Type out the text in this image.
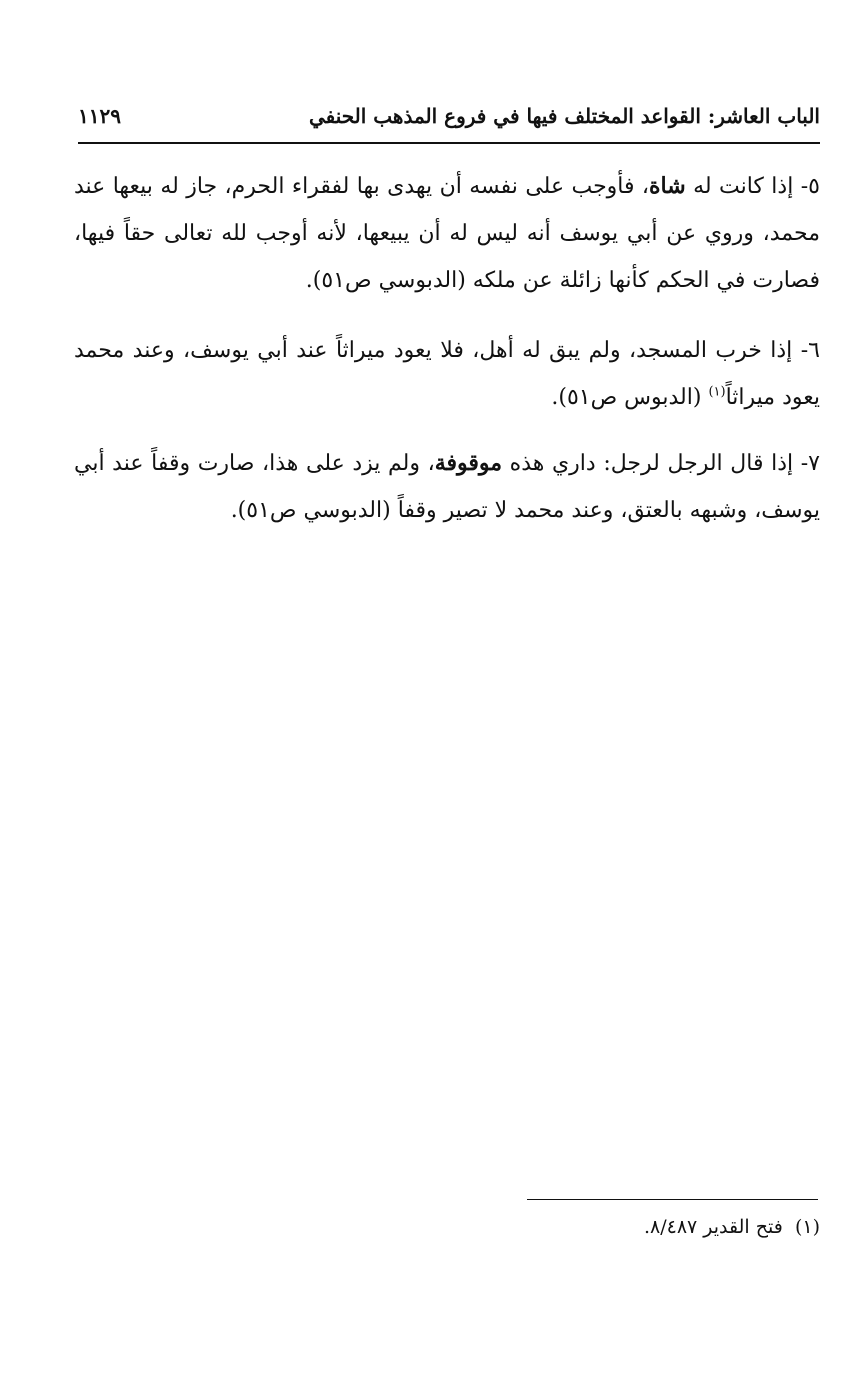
الباب العاشر: القواعد المختلف فيها في فروع المذهب الحنفي
١١٢٩

٥- إذا كانت له شاة، فأوجب على نفسه أن يهدى بها لفقراء الحرم، جاز له بيعها عند محمد، وروي عن أبي يوسف أنه ليس له أن يبيعها، لأنه أوجب لله تعالى حقاً فيها، فصارت في الحكم كأنها زائلة عن ملكه (الدبوسي ص٥١).

٦- إذا خرب المسجد، ولم يبق له أهل، فلا يعود ميراثاً عند أبي يوسف، وعند محمد يعود ميراثاً$^{(١)}$ (الدبوس ص٥١).

٧- إذا قال الرجل لرجل: داري هذه موقوفة، ولم يزد على هذا، صارت وقفاً عند أبي يوسف، وشبهه بالعتق، وعند محمد لا تصير وقفاً (الدبوسي ص٥١).

(١)  فتح القدير ٨/٤٨٧.
